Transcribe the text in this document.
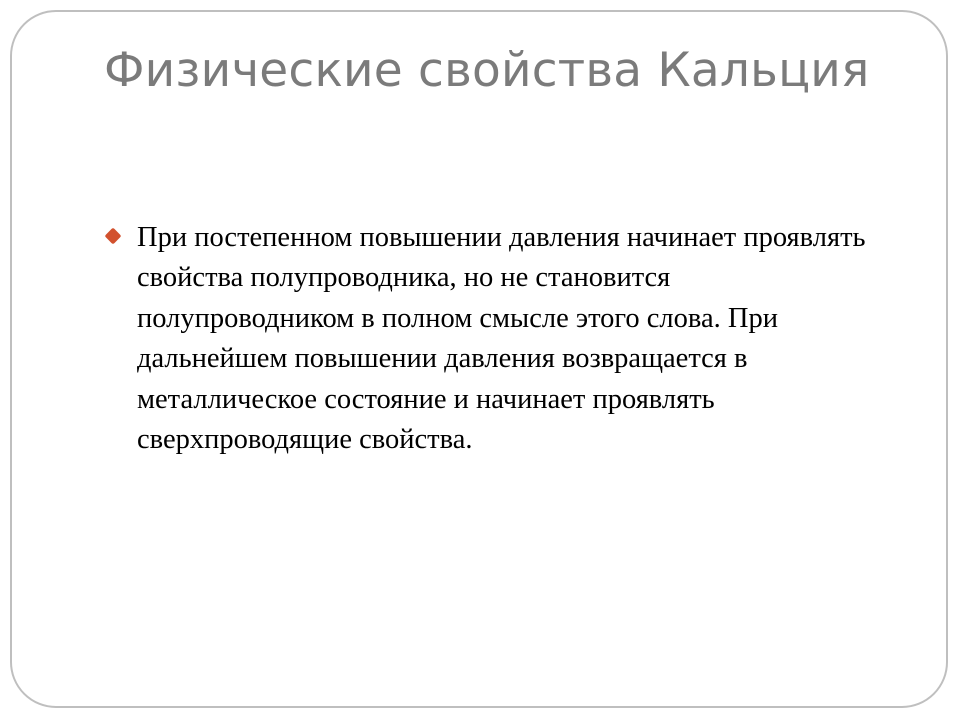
Физические свойства Кальция
При постепенном повышении давления начинает проявлять свойства полупроводника, но не становится полупроводником в полном смысле этого слова. При дальнейшем повышении давления возвращается в металлическое состояние и начинает проявлять сверхпроводящие свойства.
